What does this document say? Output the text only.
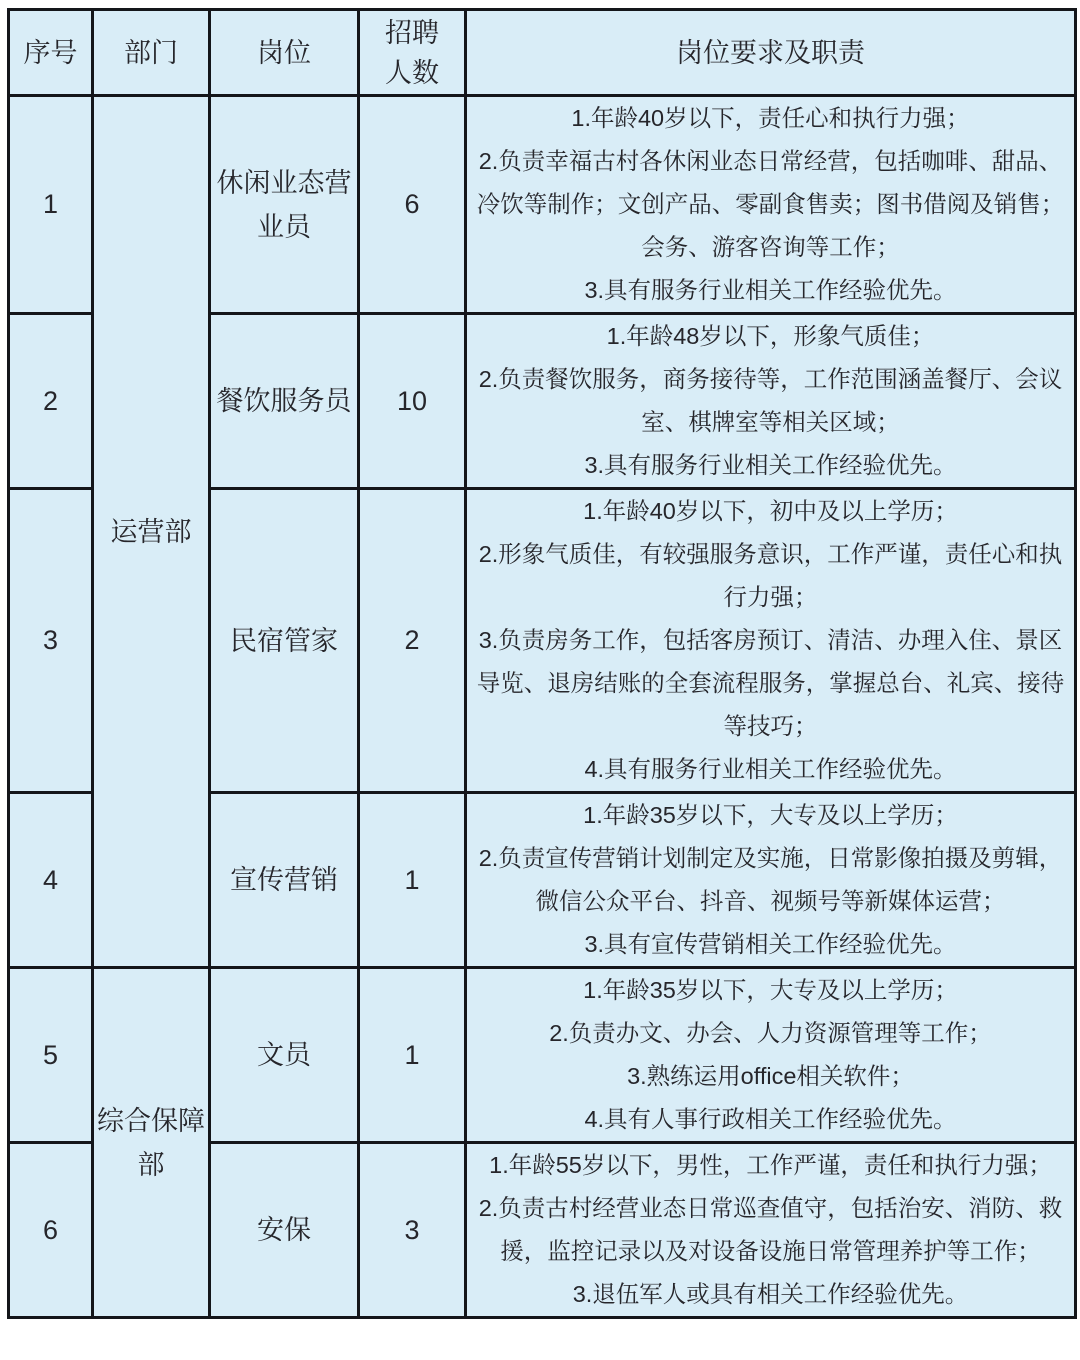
序号	部门	岗位	招聘人数	岗位要求及职责
1	运营部	休闲业态营业员	6	1.年龄40岁以下，责任心和执行力强；
2.负责幸福古村各休闲业态日常经营，包括咖啡、甜品、冷饮等制作；文创产品、零副食售卖；图书借阅及销售；会务、游客咨询等工作；
3.具有服务行业相关工作经验优先。

2		餐饮服务员	10	1.年龄48岁以下，形象气质佳；
2.负责餐饮服务，商务接待等，工作范围涵盖餐厅、会议室、棋牌室等相关区域；
3.具有服务行业相关工作经验优先。

3		民宿管家	2	1.年龄40岁以下，初中及以上学历；
2.形象气质佳，有较强服务意识，工作严谨，责任心和执行力强；
3.负责房务工作，包括客房预订、清洁、办理入住、景区导览、退房结账的全套流程服务，掌握总台、礼宾、接待等技巧；
4.具有服务行业相关工作经验优先。

4		宣传营销	1	1.年龄35岁以下，大专及以上学历；
2.负责宣传营销计划制定及实施，日常影像拍摄及剪辑，微信公众平台、抖音、视频号等新媒体运营；
3.具有宣传营销相关工作经验优先。

5	综合保障部	文员	1	1.年龄35岁以下，大专及以上学历；
2.负责办文、办会、人力资源管理等工作；
3.熟练运用office相关软件；
4.具有人事行政相关工作经验优先。

6		安保	3	1.年龄55岁以下，男性，工作严谨，责任和执行力强；
2.负责古村经营业态日常巡查值守，包括治安、消防、救援，监控记录以及对设备设施日常管理养护等工作；
3.退伍军人或具有相关工作经验优先。
